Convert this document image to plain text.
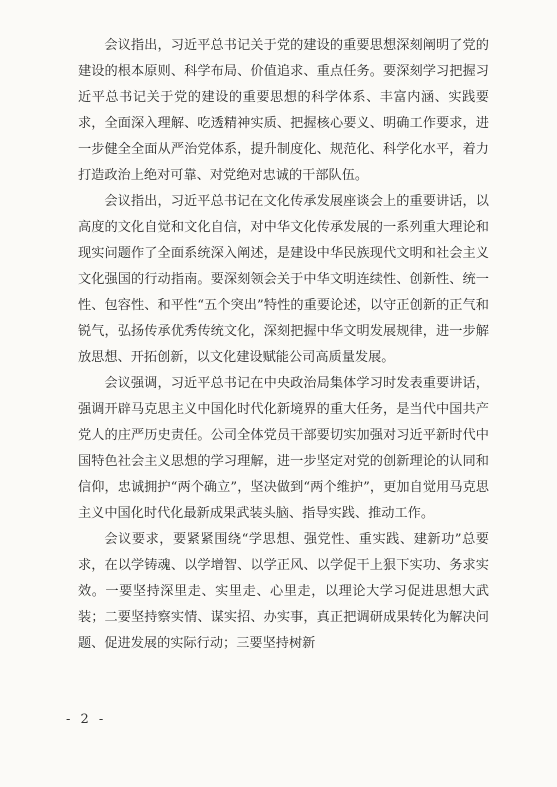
会议指出，习近平总书记关于党的建设的重要思想深刻阐明了党的建设的根本原则、科学布局、价值追求、重点任务。要深刻学习把握习近平总书记关于党的建设的重要思想的科学体系、丰富内涵、实践要求，全面深入理解、吃透精神实质、把握核心要义、明确工作要求，进一步健全全面从严治党体系，提升制度化、规范化、科学化水平，着力打造政治上绝对可靠、对党绝对忠诚的干部队伍。

会议指出，习近平总书记在文化传承发展座谈会上的重要讲话，以高度的文化自觉和文化自信，对中华文化传承发展的一系列重大理论和现实问题作了全面系统深入阐述，是建设中华民族现代文明和社会主义文化强国的行动指南。要深刻领会关于中华文明连续性、创新性、统一性、包容性、和平性“五个突出”特性的重要论述，以守正创新的正气和锐气，弘扬传承优秀传统文化，深刻把握中华文明发展规律，进一步解放思想、开拓创新，以文化建设赋能公司高质量发展。

会议强调，习近平总书记在中央政治局集体学习时发表重要讲话，强调开辟马克思主义中国化时代化新境界的重大任务，是当代中国共产党人的庄严历史责任。公司全体党员干部要切实加强对习近平新时代中国特色社会主义思想的学习理解，进一步坚定对党的创新理论的认同和信仰，忠诚拥护“两个确立”，坚决做到“两个维护”，更加自觉用马克思主义中国化时代化最新成果武装头脑、指导实践、推动工作。

会议要求，要紧紧围绕“学思想、强党性、重实践、建新功”总要求，在以学铸魂、以学增智、以学正风、以学促干上狠下实功、务求实效。一要坚持深里走、实里走、心里走，以理论大学习促进思想大武装；二要坚持察实情、谋实招、办实事，真正把调研成果转化为解决问题、促进发展的实际行动；三要坚持树新

- 2 -
